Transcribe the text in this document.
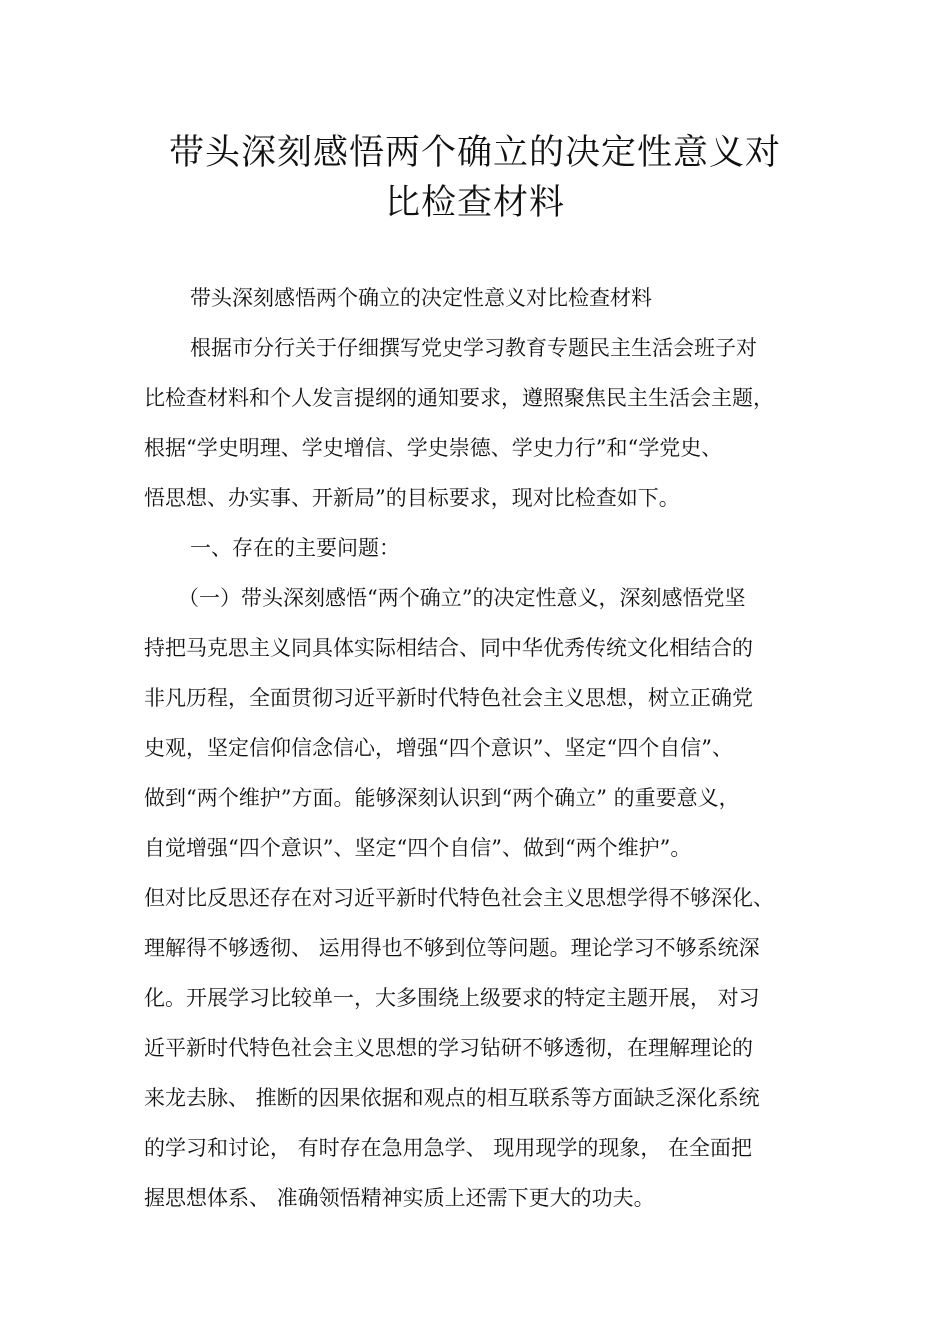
带头深刻感悟两个确立的决定性意义对
比检查材料
带头深刻感悟两个确立的决定性意义对比检查材料
根据市分行关于仔细撰写党史学习教育专题民主生活会班子对
比检查材料和个人发言提纲的通知要求，遵照聚焦民主生活会主题，
根据“学史明理、学史增信、学史崇德、学史力行”和“学党史、
悟思想、办实事、开新局”的目标要求，现对比检查如下。
一、存在的主要问题：
（一）带头深刻感悟“两个确立”的决定性意义，深刻感悟党坚
持把马克思主义同具体实际相结合、同中华优秀传统文化相结合的
非凡历程，全面贯彻习近平新时代特色社会主义思想，树立正确党
史观，坚定信仰信念信心，增强“四个意识”、坚定“四个自信”、
做到“两个维护”方面。能够深刻认识到“两个确立” 的重要意义，
自觉增强“四个意识”、坚定“四个自信”、做到“两个维护”。
但对比反思还存在对习近平新时代特色社会主义思想学得不够深化、
理解得不够透彻、 运用得也不够到位等问题。理论学习不够系统深
化。开展学习比较单一，大多围绕上级要求的特定主题开展， 对习
近平新时代特色社会主义思想的学习钻研不够透彻，在理解理论的
来龙去脉、 推断的因果依据和观点的相互联系等方面缺乏深化系统
的学习和讨论， 有时存在急用急学、 现用现学的现象， 在全面把
握思想体系、 准确领悟精神实质上还需下更大的功夫。
